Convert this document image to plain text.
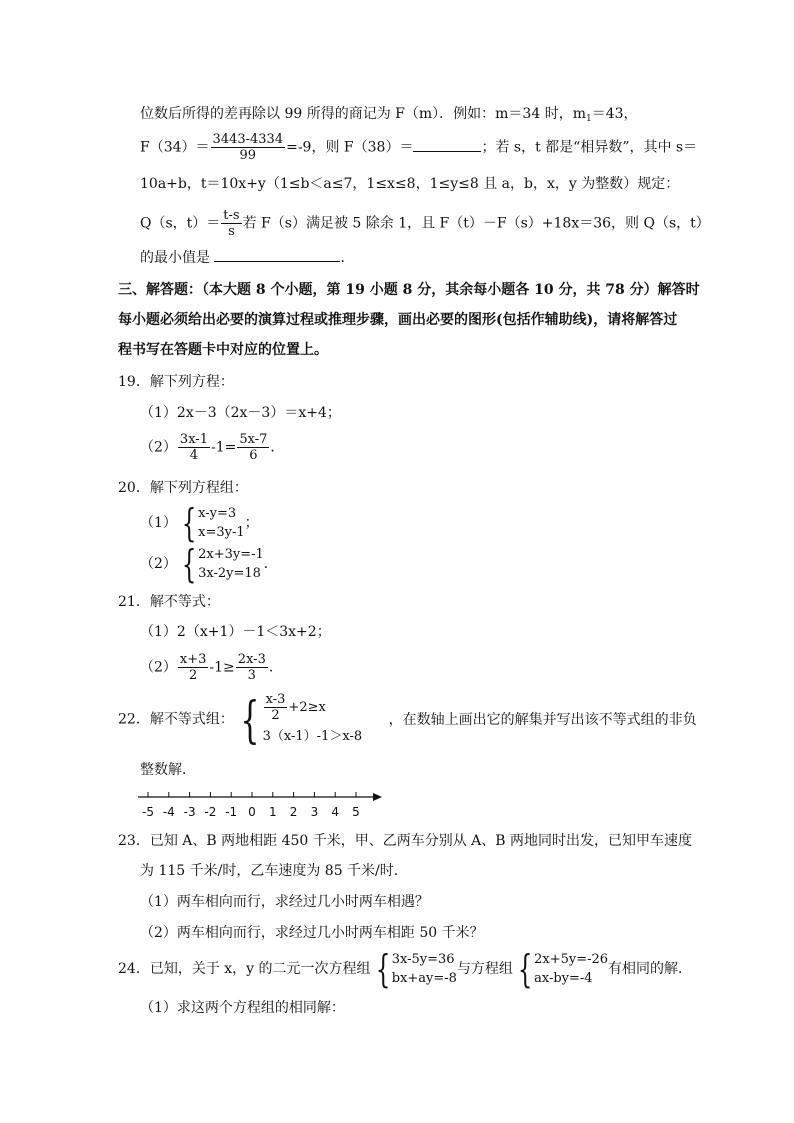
位数后所得的差再除以 99 所得的商记为 F（m）．例如：m＝34 时，$m_1=43$，
$F(34)= \frac{3443-4334}{99} =-9$，则 F（38）＝	；若 s，t 都是“相异数”，其中 s＝
10a+b，t＝10x+y（1≤b＜a≤7，1≤x≤8，1≤y≤8 且 a，b，x，y 为整数）规定：
Q（s，$t)= \frac{t-s}{s}$ 若 F（s）满足被 5 除余 1，且 F（t）－F（s）+18x＝36，则 Q（s，t）
的最小值是	．
三、解答题：（本大题 8 个小题，第 19 小题 8 分，其余每小题各 10 分，共 78 分）解答时
每小题必须给出必要的演算过程或推理步骤，画出必要的图形(包括作辅助线)，请将解答过
程书写在答题卡中对应的位置上。
19．解下列方程：
（1）2x－3（2x－3）＝x+4；
$(2) \frac{3x-1}{4} -1= \frac{5x-7}{6}$ ．
20．解下列方程组：
（1） { x-y=3
x=3y-1
；
（2） { 2x+3y=-1
3x-2y=18
．
21．解不等式：
（1）2（x+1）－1＜3x+2；
$(2) \frac{x+3}{2} -1\ge \frac{2x-3}{3}$ ．
22．解不等式组： { $\frac{x-3}{2} +2\ge x$
3（x-1）-1＞x-8
，在数轴上画出它的解集并写出该不等式组的非负
整数解．
-5 -4 -3 -2 -1 0 1 2 3 4 5
23．已知 A、B 两地相距 450 千米，甲、乙两车分别从 A、B 两地同时出发，已知甲车速度
为 115 千米/时，乙车速度为 85 千米/时．
（1）两车相向而行，求经过几小时两车相遇？
（2）两车相向而行，求经过几小时两车相距 50 千米？
24．已知，关于 x，y 的二元一次方程组 { 3x-5y=36
bx+ay=-8
与方程组 { 2x+5y=-26
ax-by=-4
有相同的解．
（1）求这两个方程组的相同解：
